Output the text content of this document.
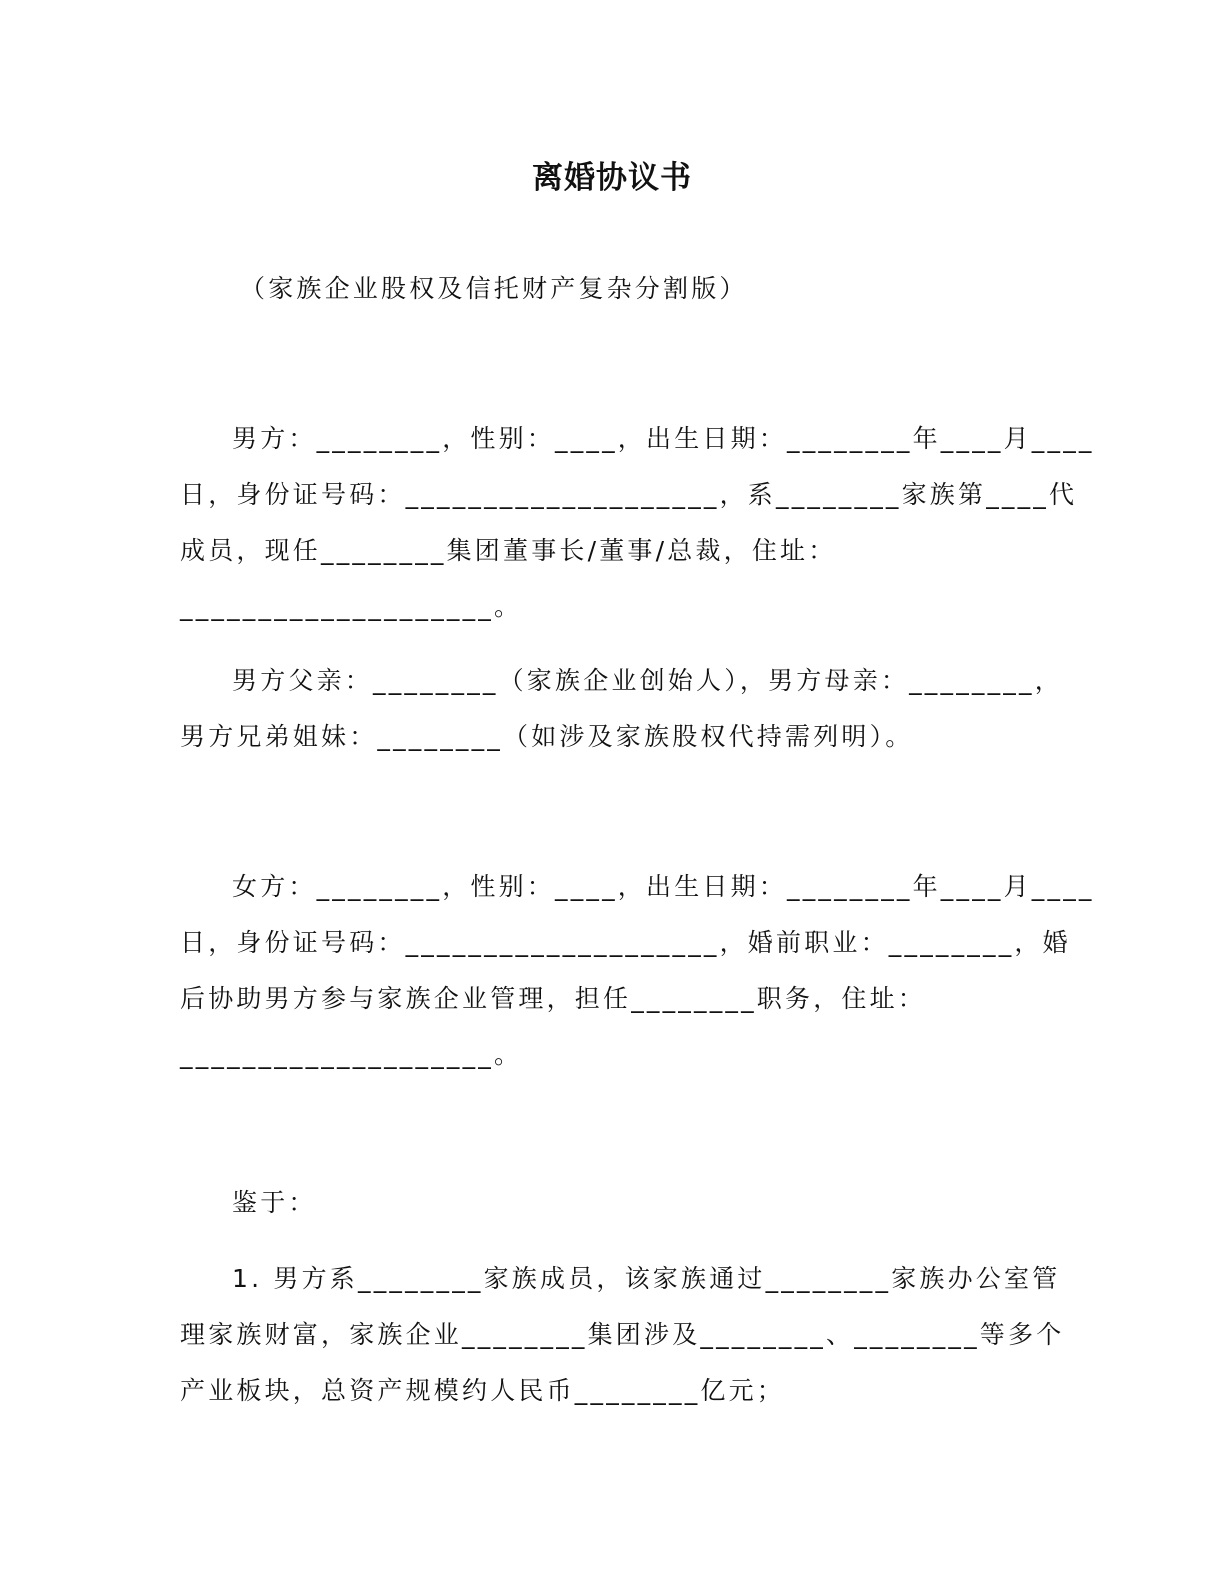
离婚协议书
（家族企业股权及信托财产复杂分割版）
男方：________，性别：____，出生日期：________年____月____
日，身份证号码：____________________，系________家族第____代
成员，现任________集团董事长/董事/总裁，住址：
____________________。
男方父亲：________（家族企业创始人），男方母亲：________，
男方兄弟姐妹：________（如涉及家族股权代持需列明）。
女方：________，性别：____，出生日期：________年____月____
日，身份证号码：____________________，婚前职业：________，婚
后协助男方参与家族企业管理，担任________职务，住址：
____________________。
鉴于：
1. 男方系________家族成员，该家族通过________家族办公室管
理家族财富，家族企业________集团涉及________、________等多个
产业板块，总资产规模约人民币________亿元；
